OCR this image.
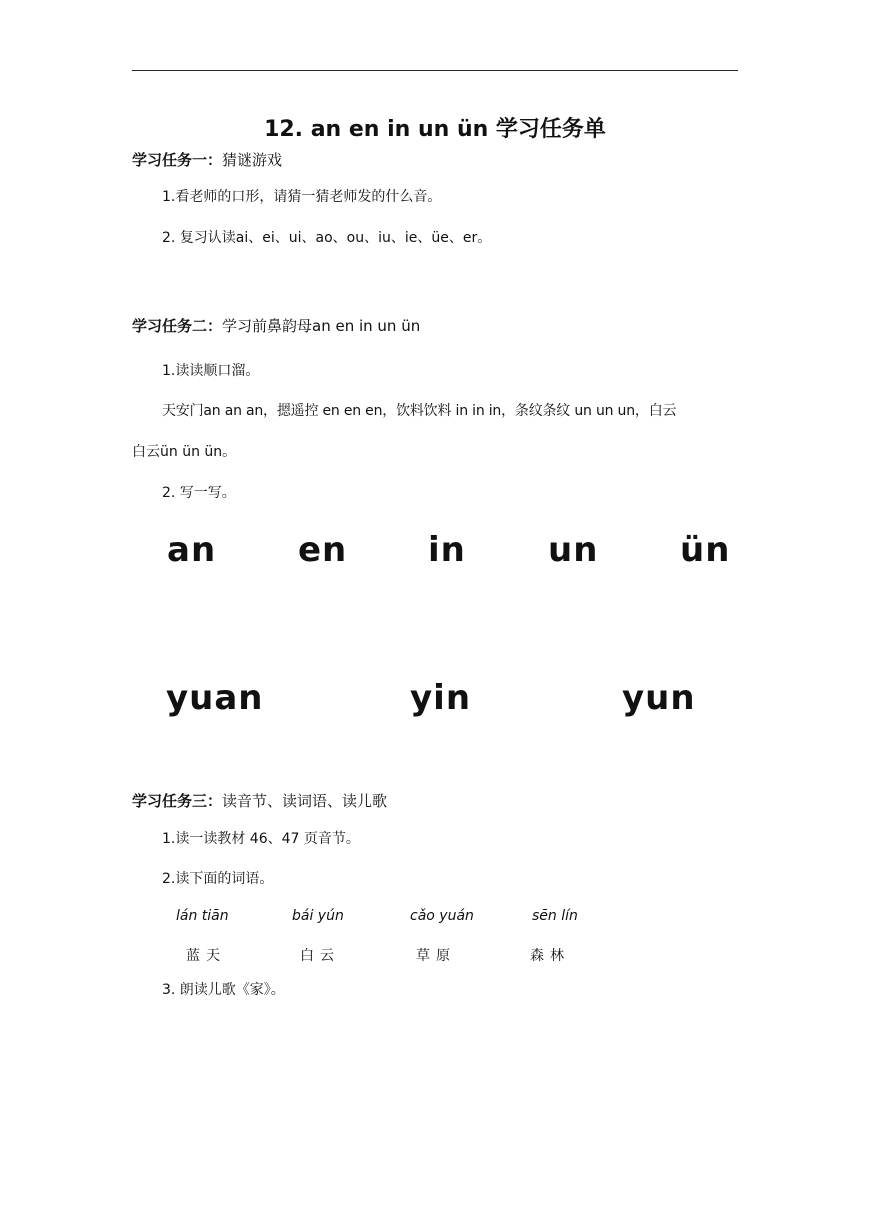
12. an en in un ün 学习任务单
学习任务一：猜谜游戏
1.看老师的口形，请猜一猜老师发的什么音。
2. 复习认读ai、ei、ui、ao、ou、iu、ie、üe、er。
学习任务二：学习前鼻韵母an en in un ün
1.读读顺口溜。
天安门an an an，摁遥控 en en en，饮料饮料 in in in，条纹条纹 un un un，白云
白云ün ün ün。
2. 写一写。
an en in un ün
yuan	yin	yun
学习任务三：读音节、读词语、读儿歌
1.读一读教材 46、47 页音节。
2.读下面的词语。
lán tiān	bái yún	cǎo yuán	sēn lín
蓝天	白云	草原	森林
3. 朗读儿歌《家》。
